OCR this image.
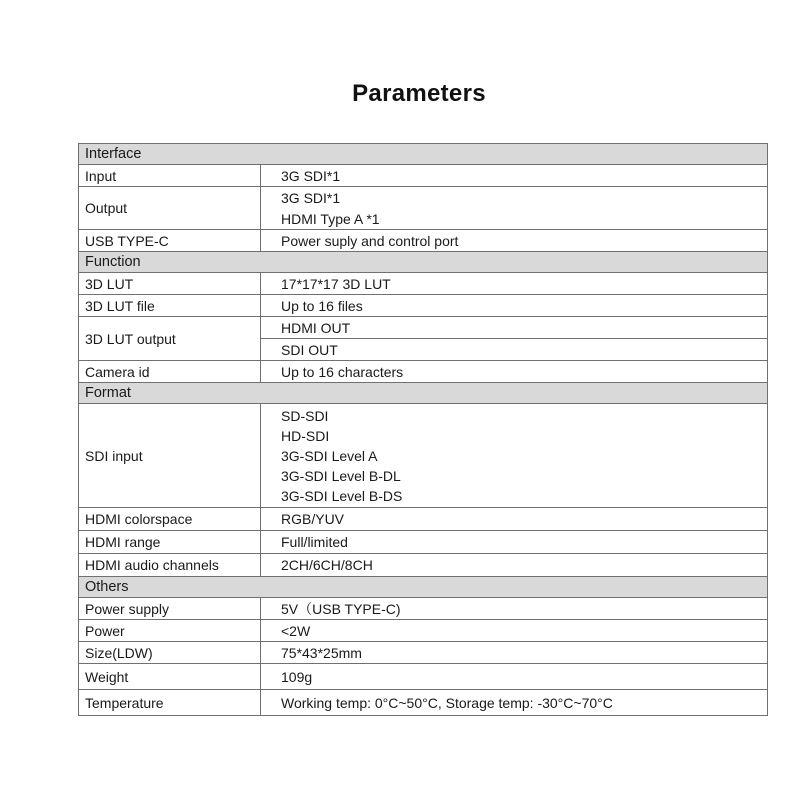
Parameters
Interface	
Input	3G SDI*1

Output	3G SDI*1
HDMI Type A *1

USB TYPE-C	Power suply and control port

Function	
3D LUT	17*17*17 3D LUT

3D LUT file	Up to 16 files

3D LUT output	HDMI OUT

	SDI OUT

Camera id	Up to 16 characters

Format	
SDI input	SD-SDI
HD-SDI
3G-SDI Level A
3G-SDI Level B-DL
3G-SDI Level B-DS

HDMI colorspace	RGB/YUV

HDMI range	Full/limited

HDMI audio channels	2CH/6CH/8CH

Others	
Power supply	5V（USB TYPE-C)

Power	<2W

Size(LDW)	75*43*25mm

Weight	109g

Temperature	Working temp: 0°C~50°C, Storage temp: -30°C~70°C
